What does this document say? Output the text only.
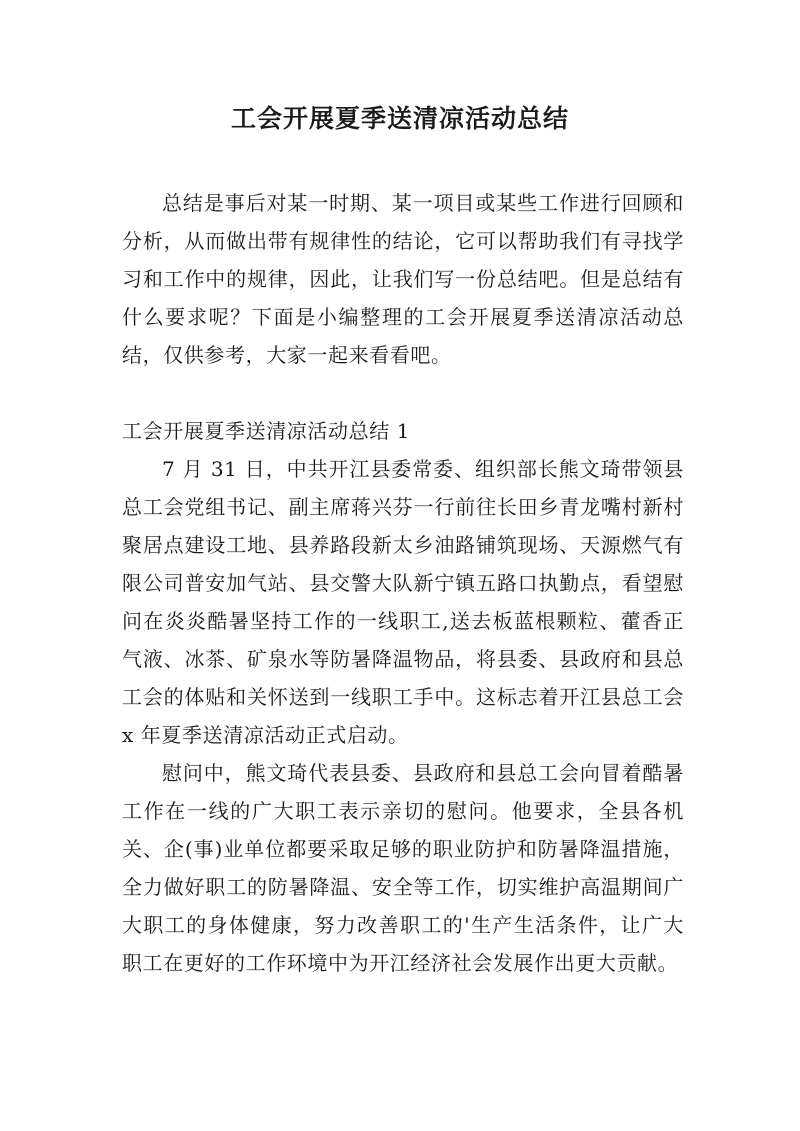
工会开展夏季送清凉活动总结

总结是事后对某一时期、某一项目或某些工作进行回顾和分析，从而做出带有规律性的结论，它可以帮助我们有寻找学习和工作中的规律，因此，让我们写一份总结吧。但是总结有什么要求呢？下面是小编整理的工会开展夏季送清凉活动总结，仅供参考，大家一起来看看吧。

工会开展夏季送清凉活动总结 1

7 月 31 日，中共开江县委常委、组织部长熊文琦带领县总工会党组书记、副主席蒋兴芬一行前往长田乡青龙嘴村新村聚居点建设工地、县养路段新太乡油路铺筑现场、天源燃气有限公司普安加气站、县交警大队新宁镇五路口执勤点，看望慰问在炎炎酷暑坚持工作的一线职工,送去板蓝根颗粒、藿香正气液、冰茶、矿泉水等防暑降温物品，将县委、县政府和县总工会的体贴和关怀送到一线职工手中。这标志着开江县总工会 x 年夏季送清凉活动正式启动。

慰问中，熊文琦代表县委、县政府和县总工会向冒着酷暑工作在一线的广大职工表示亲切的慰问。他要求，全县各机关、企(事)业单位都要采取足够的职业防护和防暑降温措施，全力做好职工的防暑降温、安全等工作，切实维护高温期间广大职工的身体健康，努力改善职工的'生产生活条件，让广大职工在更好的工作环境中为开江经济社会发展作出更大贡献。
